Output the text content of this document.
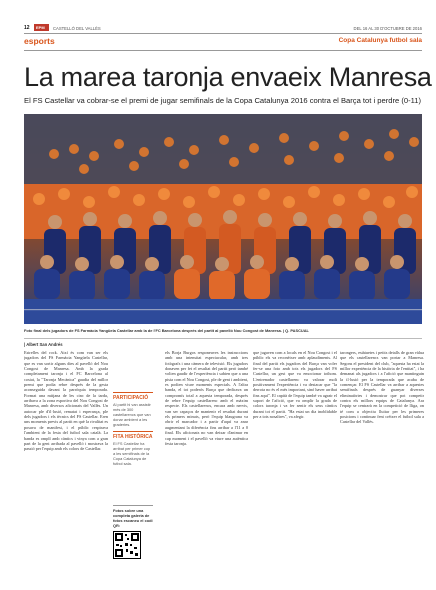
12 EPM CASTELLÓ DEL VALLÈS	DEL 16 AL 30 D'OCTUBRE DE 2016
esports	Copa Catalunya futbol sala
La marea taronja envaeix Manresa
El FS Castellar va cobrar-se el premi de jugar semifinals de la Copa Catalunya 2016 contra el Barça tot i perdre (0-11)
Foto final dels jugadors de FS Farmàcia Yangüela Castellar amb la de l'FC Barcelona després del partit al pavelló Nou Congost de Manresa. | Q. PASCUAL
| Albert San Andrés
Estrelles del rock. Així és com van ser els jugadors del FS Farmàcia Yangüela Castellar, que es van sortir alguns dies al pavelló del Nou Congost de Manresa. Amb la grada completament taronja i el FC Barcelona al costat, la "Taronja Mecànica" gaudia del millor premi que podia rebre després de la gesta aconseguida davant la parròquia temporada. Format una mitjana de les cinc de la tarda, arribava a la zona esportiva del Nou Congost de Manresa, amb diversos aficionats del Vallès. Un autocar ple d'il·lusió, rematat i esperança, ple dels jugadors i els tècnics del FS Castellar. Eren uns moments previs al partit en què la rivalitat es posava de manifest, i el públic respirava l'ambient de la festa del futbol sala català. La banda es omplí amb càntics i vinya com a gran part de la gent arribada al pavelló i mostrava la passió per l'equip amb els colors de Castellar.
PARTICIPACIÓ
Al partit hi van assistir més de 300 castellarencs que van donar ambient a les graderies.
FITA HISTÒRICA
El FS Castellar ha arribat per primer cop a les semifinals de la Copa Catalunya de futbol sala.
Fotos sobre una completa galeria de fotos escaneu el codi QR:
els Borja Burgos responeuves les instruccions amb una intensitat espectacular, amb tres fotògrafs i una càmera de televisió. Els jugadors donaven per fet el resultat del partit però també volien gaudir de l'experiència i sabien que a una pista com el Nou Congost, ple de gent i ambient, es podien viure moments especials. A l'altra banda, el tot poderós Barça que dedicava un compromís total a aquesta temporada, després de rebre l'equip castellarenc amb el màxim respecte. Els castellarencs, encara amb nervis, van ser capaços de mantenir el resultat durant els primers minuts, però l'equip blaugrana va obrir el marcador i a partir d'aquí va anar augmentant la diferència fins arribar a l'11 a 0 final. Els aficionats no van deixar d'animar en cap moment i el pavelló va viure una autèntica festa taronja.
que jugaven com a locals en el Nou Congost i el públic els va reconèixer amb aplaudiments. Al final del partit els jugadors del Barça van voler fer-se una foto amb tots els jugadors del FS Castellar, un gest que va emocionar tothom. L'entrenador castellarenc va valorar molt positivament l'experiència i va destacar que "la derrota no és el més important, sinó haver arribat fins aquí". El capità de l'equip també va agrair el suport de l'afició, que va omplir la grada de colors taronja i va fer sentir els seus càntics durant tot el partit. "Ha estat un dia inoblidable per a tots nosaltres", va afegir.
tarongers, estàtuetes i petits detalls de gran vàlua que els castellarencs van portar a Manresa. Segons el president del club, "aquesta ha estat la millor experiència de la història de l'entitat", i ha demanat als jugadors i a l'afició que mantinguin la il·lusió per la temporada que acaba de començar. El FS Castellar va arribar a aquestes semifinals després de guanyar diverses eliminatòries i demostrar que pot competir contra els millors equips de Catalunya. Ara l'equip se centrarà en la competició de lliga, on té com a objectiu lluitar per les primeres posicions i continuar fent créixer el futbol sala a Castellar del Vallès.
